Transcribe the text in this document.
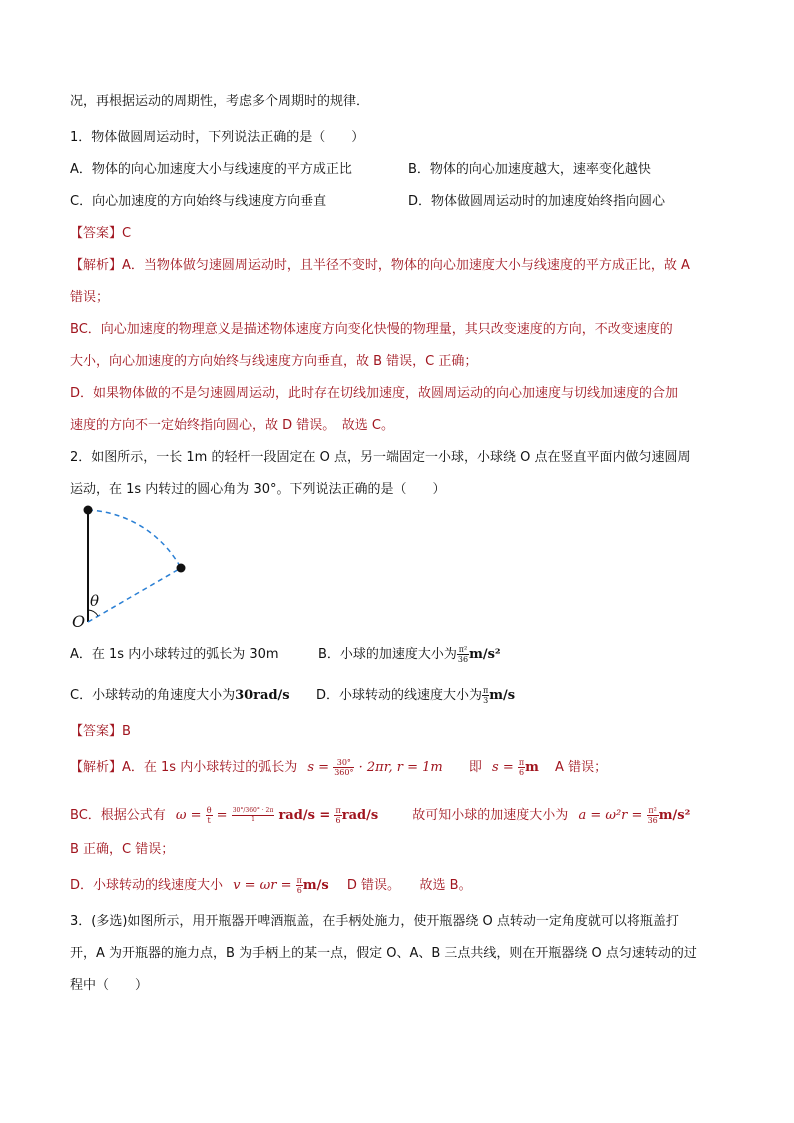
况，再根据运动的周期性，考虑多个周期时的规律．
1．物体做圆周运动时，下列说法正确的是（　　）
A．物体的向心加速度大小与线速度的平方成正比	B．物体的向心加速度越大，速率变化越快
C．向心加速度的方向始终与线速度方向垂直	D．物体做圆周运动时的加速度始终指向圆心
【答案】C
【解析】A．当物体做匀速圆周运动时，且半径不变时，物体的向心加速度大小与线速度的平方成正比，故 A
错误；
BC．向心加速度的物理意义是描述物体速度方向变化快慢的物理量，其只改变速度的方向，不改变速度的
大小，向心加速度的方向始终与线速度方向垂直，故 B 错误，C 正确；
D．如果物体做的不是匀速圆周运动，此时存在切线加速度，故圆周运动的向心加速度与切线加速度的合加
速度的方向不一定始终指向圆心，故 D 错误。　故选 C。
2．如图所示，一长 1m 的轻杆一段固定在 O 点，另一端固定一小球，小球绕 O 点在竖直平面内做匀速圆周
运动，在 1s 内转过的圆心角为 30°。下列说法正确的是（　　）
θ
O
A．在 1s 内小球转过的弧长为 30m	B．小球的加速度大小为 $\frac{\text{π²}}{36} m/s^2$
C．小球转动的角速度大小为30rad/s D．小球转动的线速度大小为 $\frac{\pi}{3} m/s$
【答案】B
【解析】A．在 1s 内小球转过的弧长为 $s = \frac{30^\circ}{360^\circ} \cdot 2\pi r$, r = 1m 即 $s = \frac{\pi}{6}$ m A 错误；
BC．根据公式有 $\omega = \frac{\theta}{t} = \frac{30^\circ/360^\circ \cdot 2\pi}{1} rad/s = \frac{\pi}{6} rad/s$	故可知小球的加速度大小为 $a = \omega^2r = \frac{\text{π²}}{36} m/s^2$
B 正确，C 错误；
D．小球转动的线速度大小 $v = \omega r = \frac{\pi}{6} m/s$ D 错误。　　故选 B。
3．(多选)如图所示，用开瓶器开啤酒瓶盖，在手柄处施力，使开瓶器绕 O 点转动一定角度就可以将瓶盖打
开，A 为开瓶器的施力点，B 为手柄上的某一点，假定 O、A、B 三点共线，则在开瓶器绕 O 点匀速转动的过
程中（　　）
